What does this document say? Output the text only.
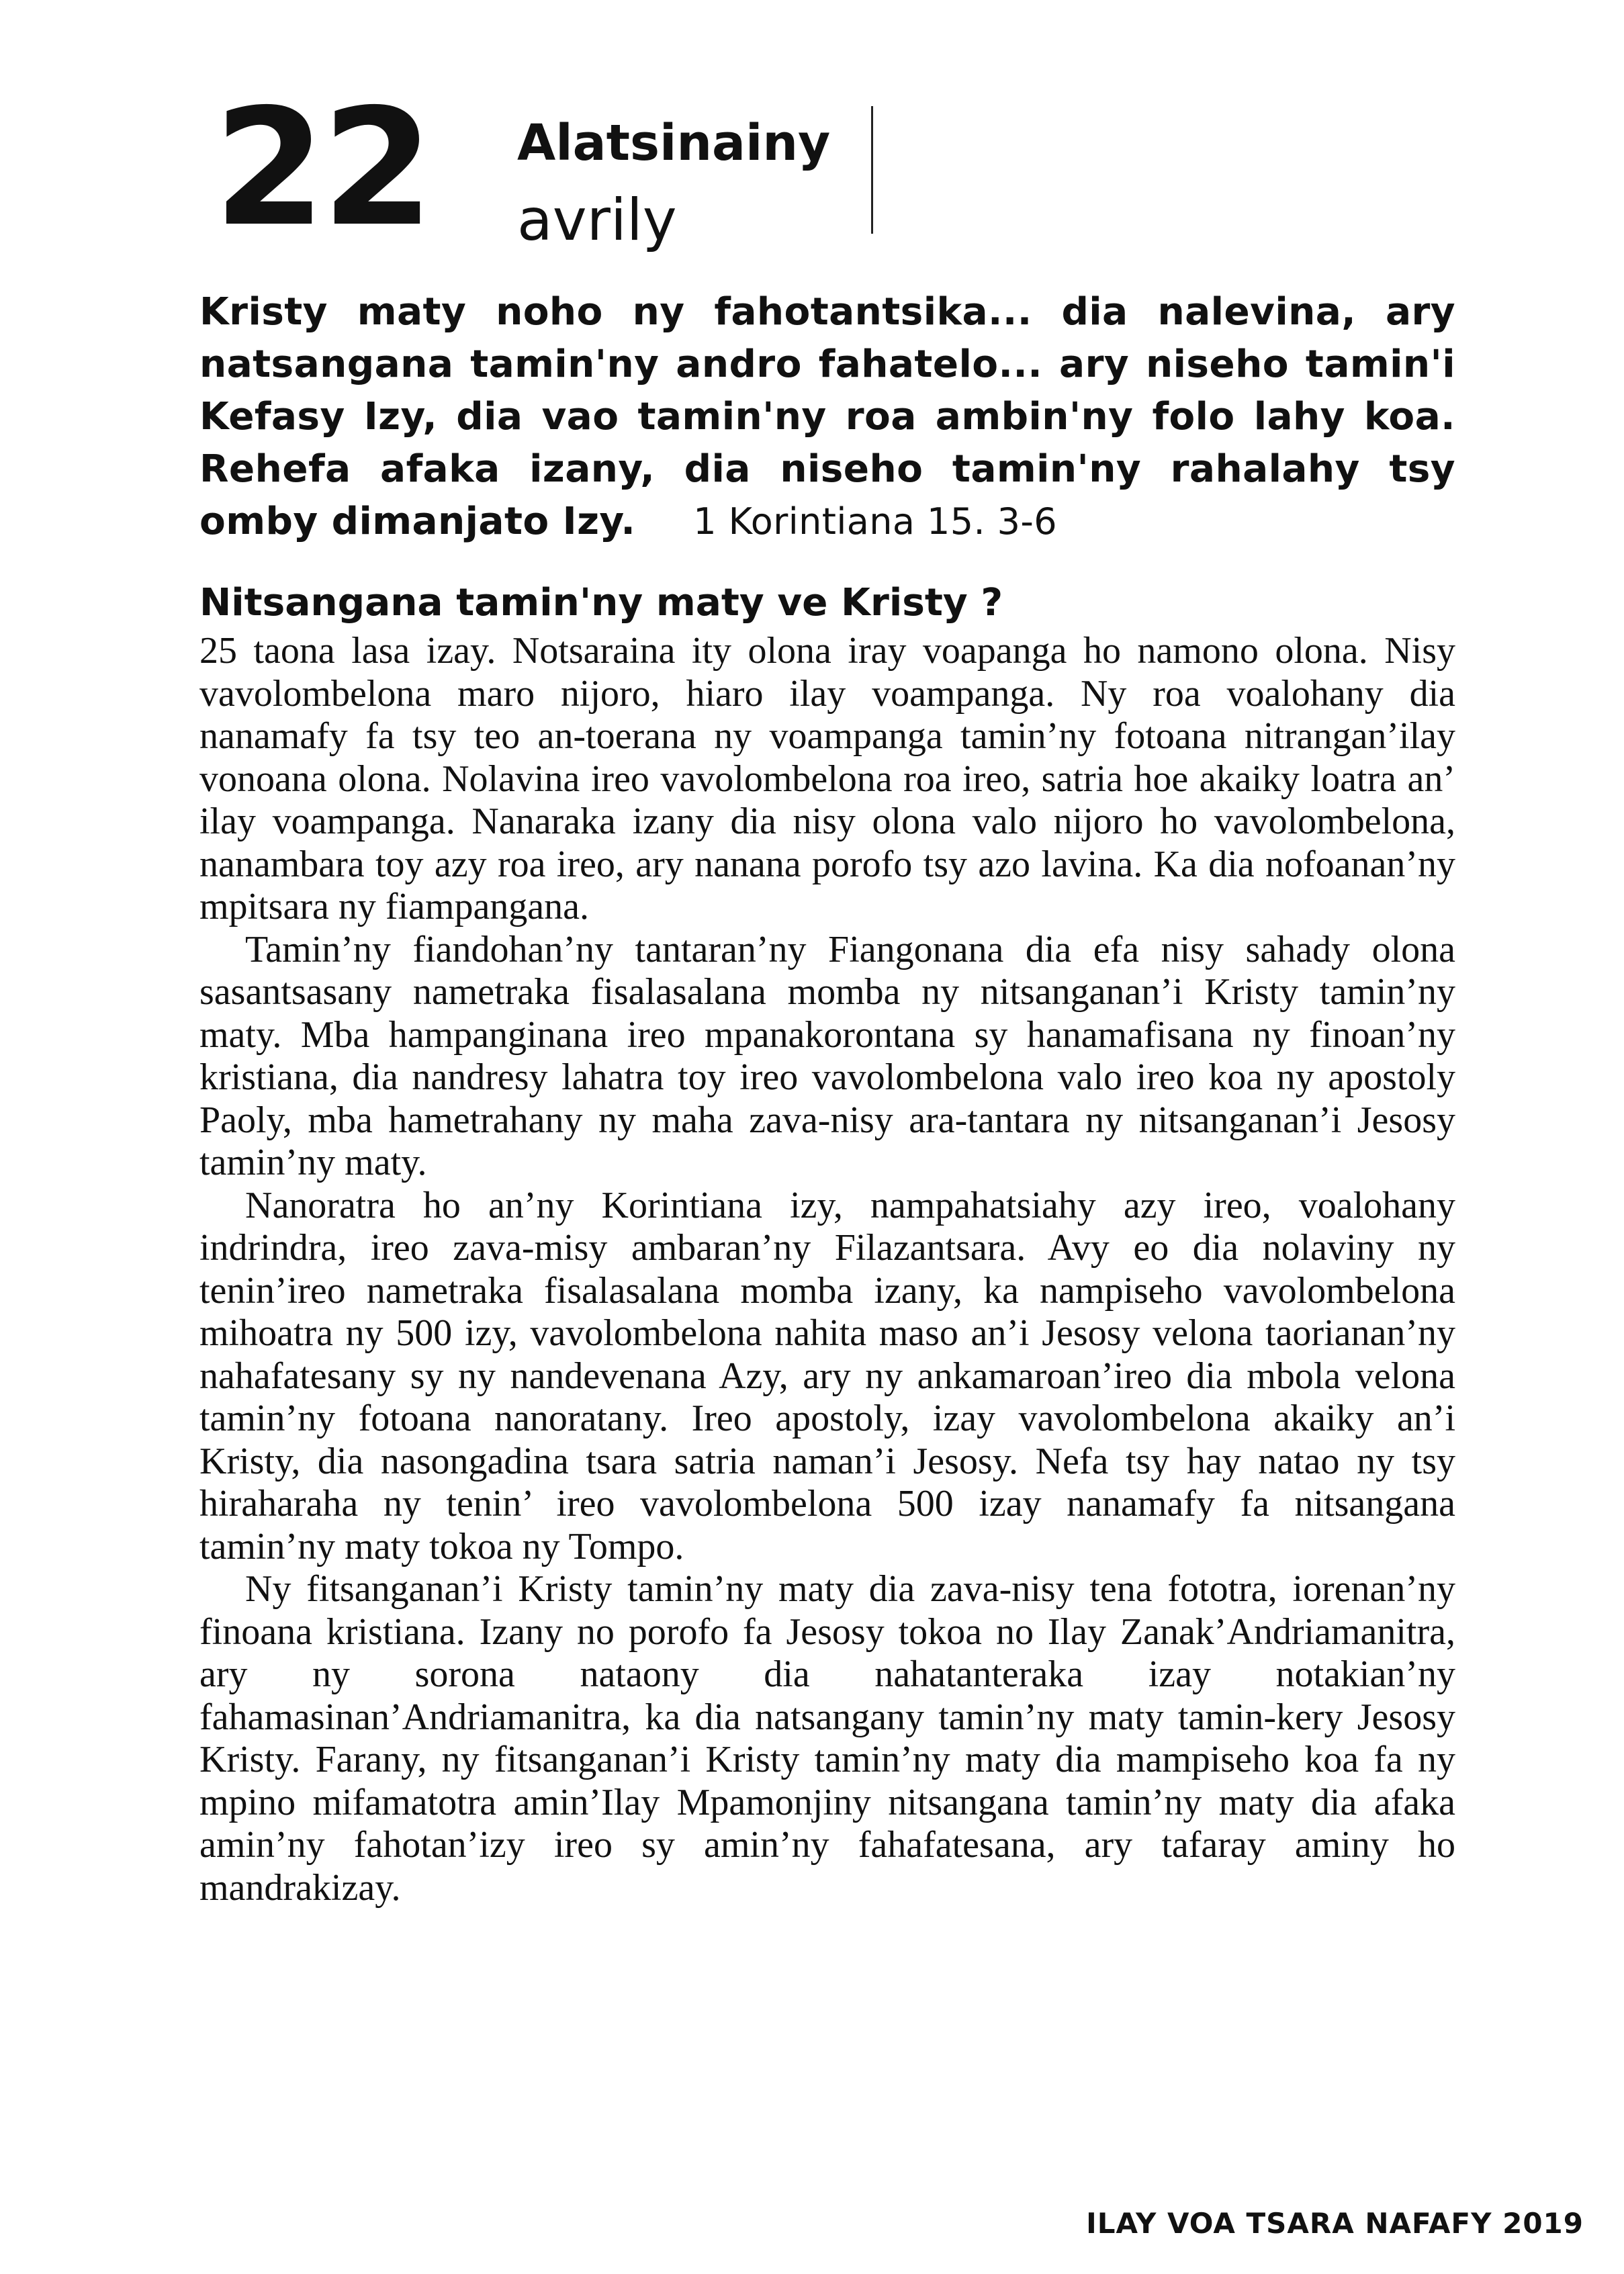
22 Alatsinainy
avrily
Kristy maty noho ny fahotantsika... dia nalevina, ary natsangana tamin'ny andro fahatelo... ary niseho tamin'i Kefasy Izy, dia vao tamin'ny roa ambin'ny folo lahy koa. Rehefa afaka izany, dia niseho tamin'ny rahalahy tsy omby dimanjato Izy. 1 Korintiana 15. 3-6
Nitsangana tamin'ny maty ve Kristy ?

25 taona lasa izay. Notsaraina ity olona iray voapanga ho namono olona. Nisy vavolombelona maro nijoro, hiaro ilay voampanga. Ny roa voalohany dia nanamafy fa tsy teo an-toerana ny voampanga tamin’ny fotoana nitrangan’ilay vonoana olona. Nolavina ireo vavolombelona roa ireo, satria hoe akaiky loatra an’ ilay voampanga. Nanaraka izany dia nisy olona valo nijoro ho vavolombelona, nanambara toy azy roa ireo, ary nanana porofo tsy azo lavina. Ka dia nofoanan’ny mpitsara ny fiampangana.

Tamin’ny fiandohan’ny tantaran’ny Fiangonana dia efa nisy sahady olona sasantsasany nametraka fisalasalana momba ny nitsanganan’i Kristy tamin’ny maty. Mba hampanginana ireo mpanakorontana sy hanamafisana ny finoan’ny kristiana, dia nandresy lahatra toy ireo vavolombelona valo ireo koa ny apostoly Paoly, mba hametrahany ny maha zava-nisy ara-tantara ny nitsanganan’i Jesosy tamin’ny maty.

Nanoratra ho an’ny Korintiana izy, nampahatsiahy azy ireo, voalohany indrindra, ireo zava-misy ambaran’ny Filazantsara. Avy eo dia nolaviny ny tenin’ireo nametraka fisalasalana momba izany, ka nampiseho vavolombelona mihoatra ny 500 izy, vavolombelona nahita maso an’i Jesosy velona taorianan’ny nahafatesany sy ny nandevenana Azy, ary ny ankamaroan’ireo dia mbola velona tamin’ny fotoana nanoratany. Ireo apostoly, izay vavolombelona akaiky an’i Kristy, dia nasongadina tsara satria naman’i Jesosy. Nefa tsy hay natao ny tsy hiraharaha ny tenin’ ireo vavolombelona 500 izay nanamafy fa nitsangana tamin’ny maty tokoa ny Tompo.

Ny fitsanganan’i Kristy tamin’ny maty dia zava-nisy tena fototra, iorenan’ny finoana kristiana. Izany no porofo fa Jesosy tokoa no Ilay Zanak’Andriamanitra, ary ny sorona nataony dia nahatanteraka izay notakian’ny fahamasinan’Andriamanitra, ka dia natsangany tamin’ny maty tamin-kery Jesosy Kristy. Farany, ny fitsanganan’i Kristy tamin’ny maty dia mampiseho koa fa ny mpino mifamatotra amin’Ilay Mpamonjiny nitsangana tamin’ny maty dia afaka amin’ny fahotan’izy ireo sy amin’ny fahafatesana, ary tafaray aminy ho mandrakizay.

ILAY VOA TSARA NAFAFY 2019
